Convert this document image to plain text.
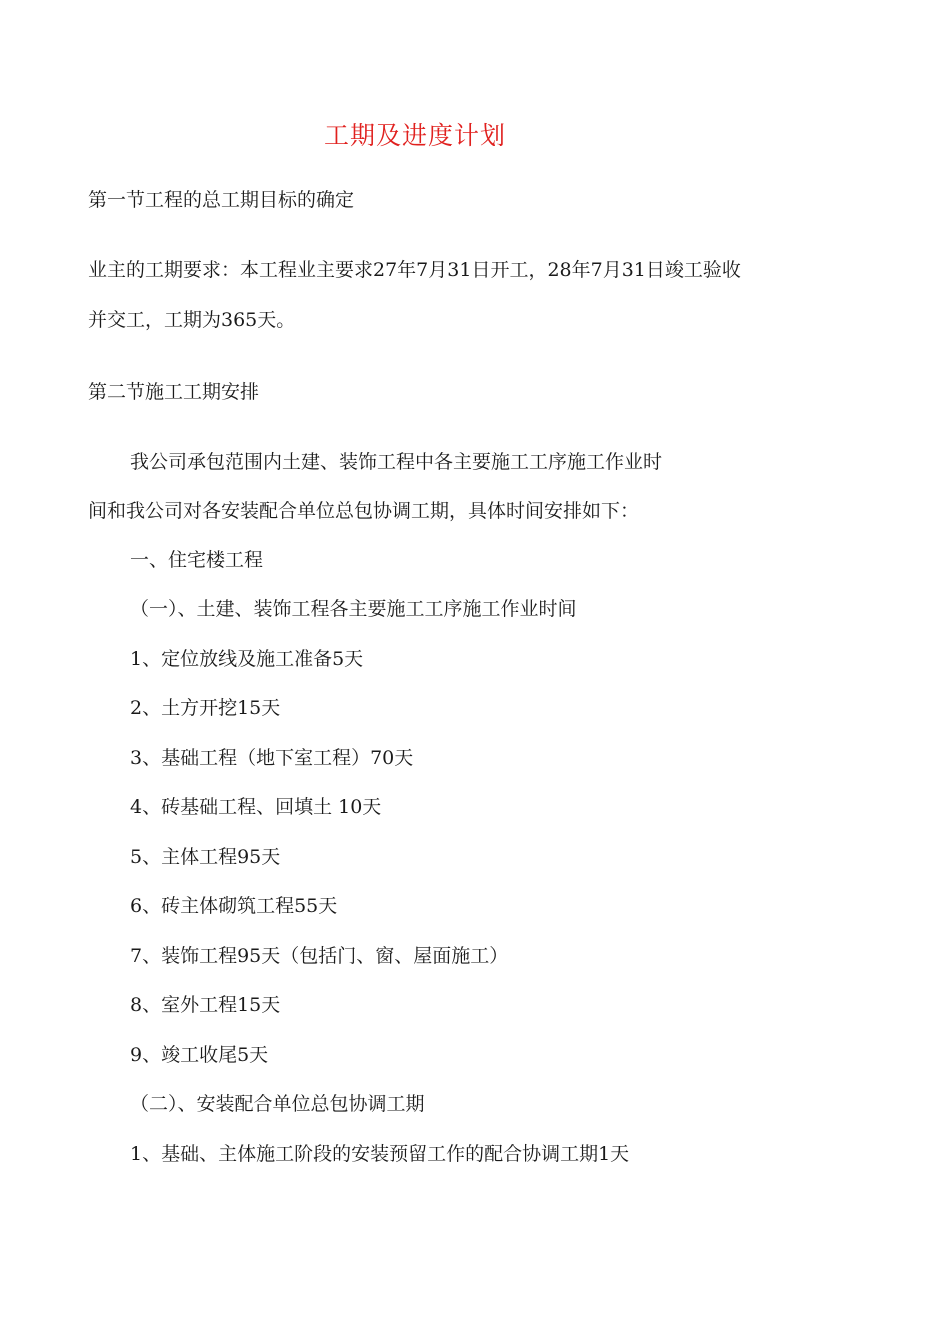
工期及进度计划
第一节工程的总工期目标的确定
业主的工期要求：本工程业主要求27年7月31日开工，28年7月31日竣工验收
并交工，工期为365天。
第二节施工工期安排
我公司承包范围内土建、装饰工程中各主要施工工序施工作业时
间和我公司对各安装配合单位总包协调工期，具体时间安排如下：
一、住宅楼工程
（一）、土建、装饰工程各主要施工工序施工作业时间
1、定位放线及施工准备5天
2、土方开挖15天
3、基础工程（地下室工程）70天
4、砖基础工程、回填土 10天
5、主体工程95天
6、砖主体砌筑工程55天
7、装饰工程95天（包括门、窗、屋面施工）
8、室外工程15天
9、竣工收尾5天
（二）、安装配合单位总包协调工期
1、基础、主体施工阶段的安装预留工作的配合协调工期1天
